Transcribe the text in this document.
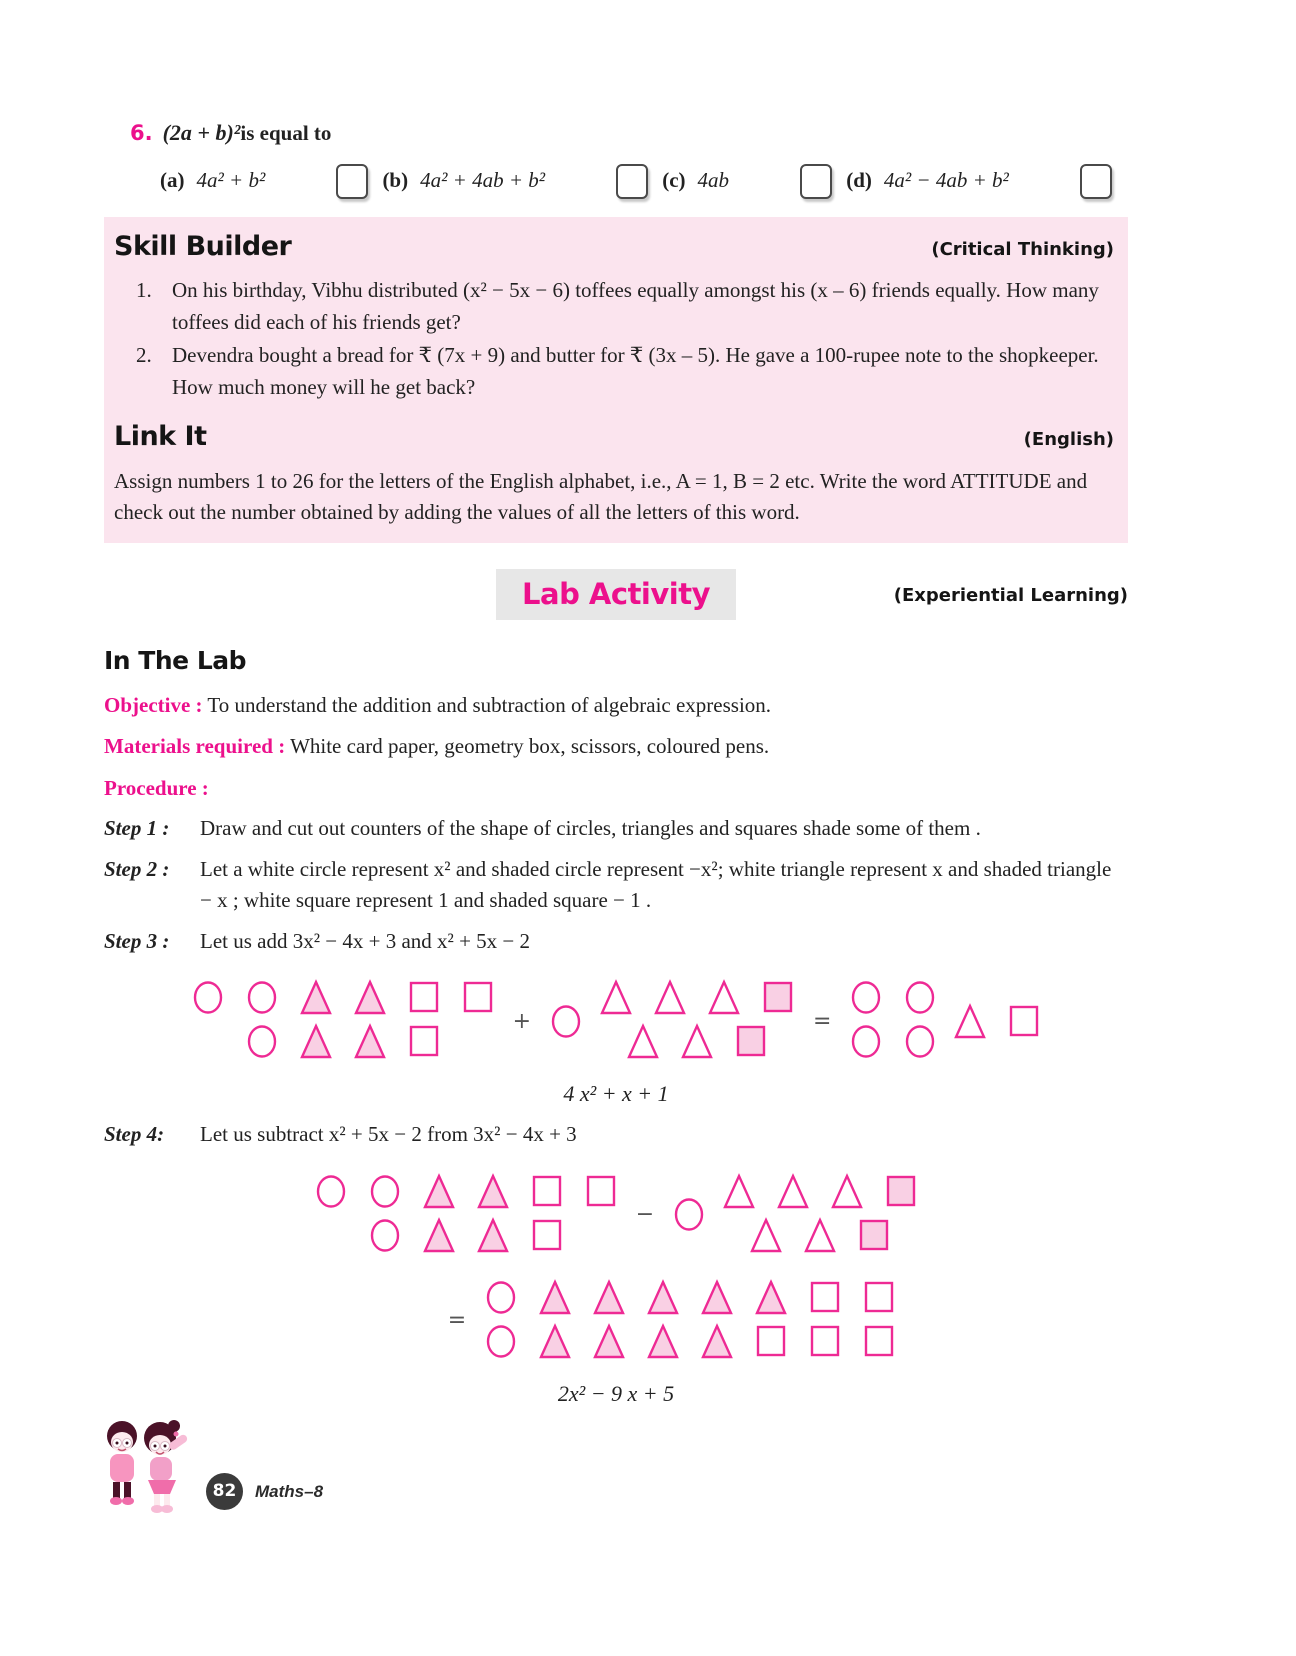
6. (2a + b)²is equal to
(a) 4a² + b²	(b) 4a² + 4ab + b²	(c) 4ab	(d) 4a² − 4ab + b²
Skill Builder	(Critical Thinking)
1. On his birthday, Vibhu distributed (x² − 5x − 6) toffees equally amongst his (x – 6) friends equally. How many toffees did each of his friends get?
2. Devendra bought a bread for ₹ (7x + 9) and butter for ₹ (3x – 5). He gave a 100-rupee note to the shopkeeper. How much money will he get back?
Link It	(English)
Assign numbers 1 to 26 for the letters of the English alphabet, i.e., A = 1, B = 2 etc. Write the word ATTITUDE and check out the number obtained by adding the values of all the letters of this word.
Lab Activity	(Experiential Learning)
In The Lab
Objective : To understand the addition and subtraction of algebraic expression.
Materials required : White card paper, geometry box, scissors, coloured pens.
Procedure :
Step 1 :	Draw and cut out counters of the shape of circles, triangles and squares shade some of them .
Step 2 :	Let a white circle represent x² and shaded circle represent −x²; white triangle represent x and shaded triangle − x ; white square represent 1 and shaded square − 1 .
Step 3 :	Let us add 3x² − 4x + 3 and x² + 5x − 2
+	=
4 x² + x + 1
Step 4:	Let us subtract x² + 5x − 2 from 3x² − 4x + 3
−
=
2x² − 9 x + 5
82	Maths–8
